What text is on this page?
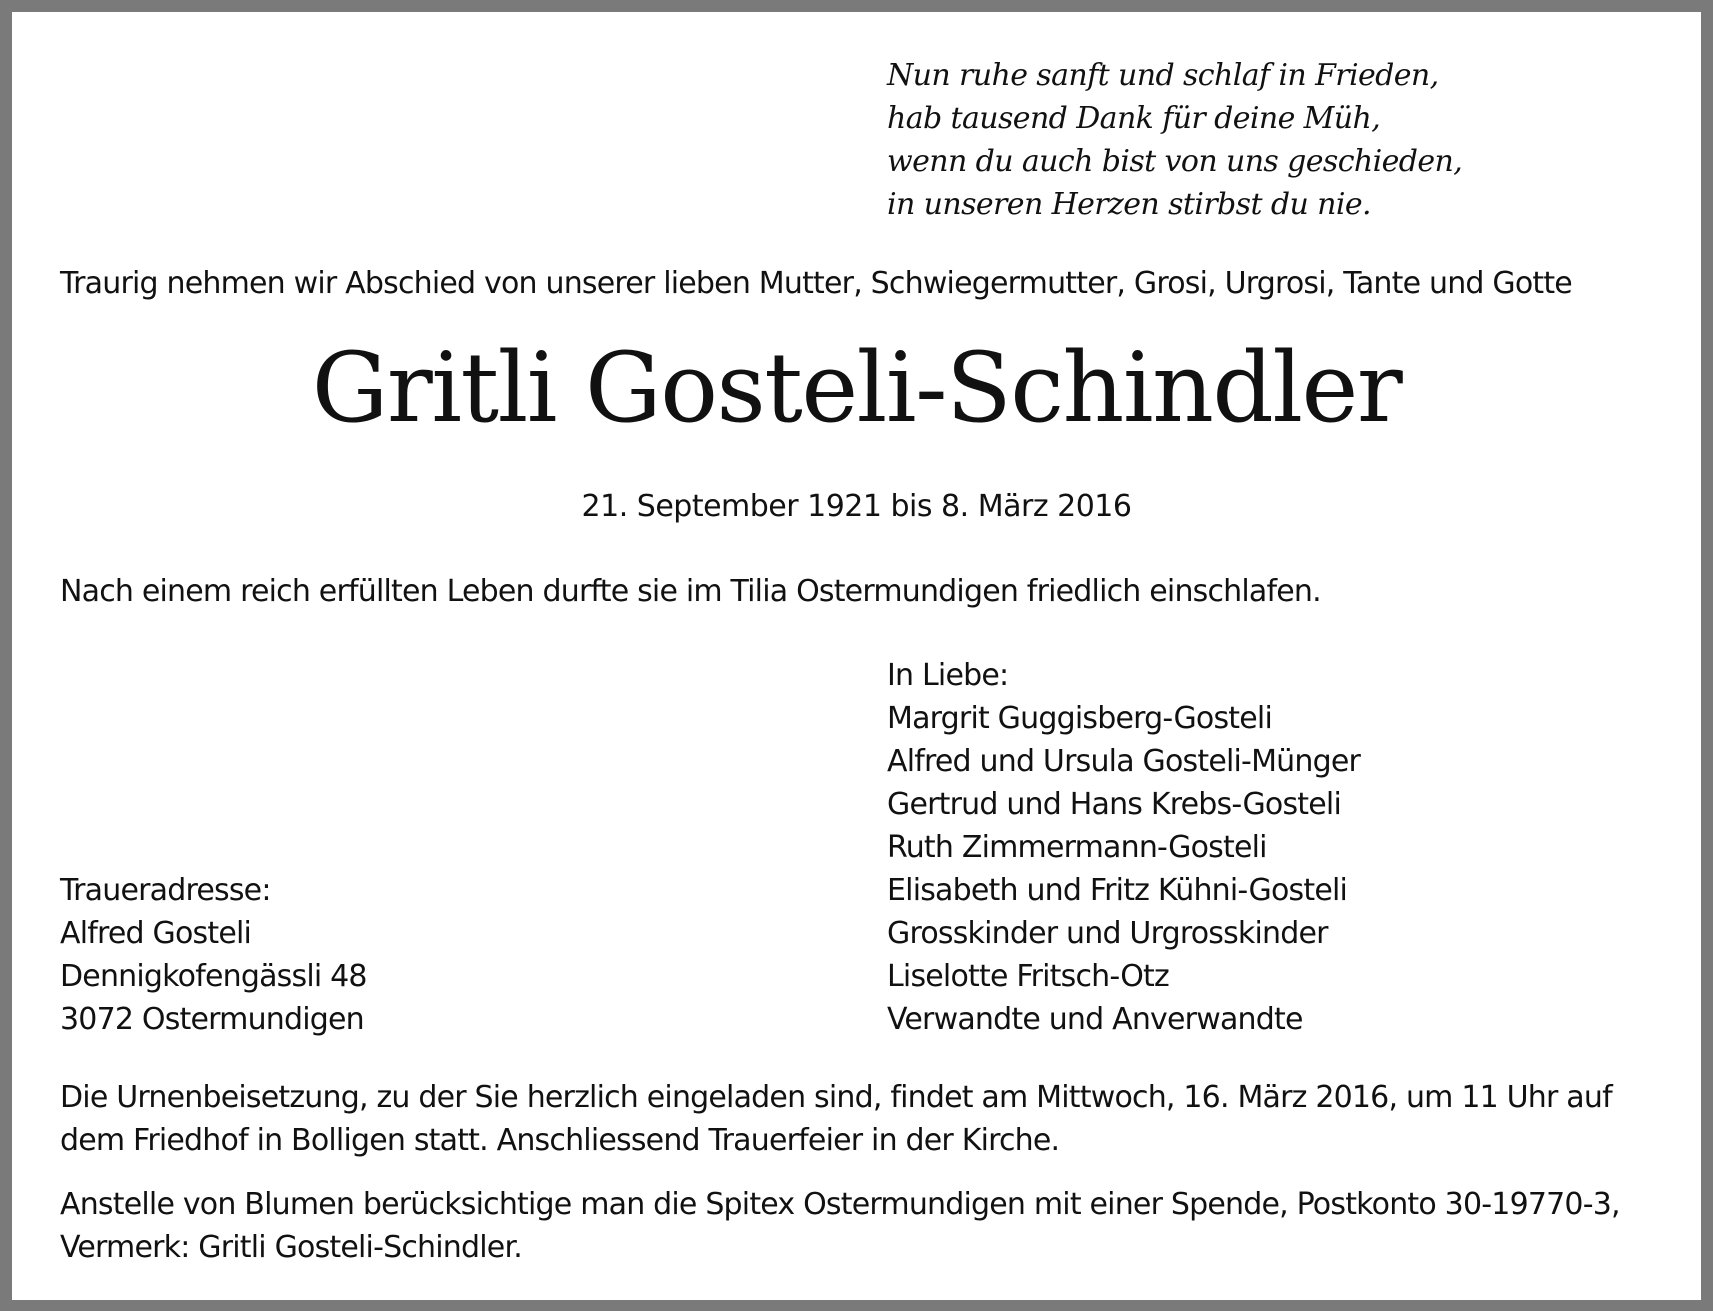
Nun ruhe sanft und schlaf in Frieden,
hab tausend Dank für deine Müh,
wenn du auch bist von uns geschieden,
in unseren Herzen stirbst du nie.
Traurig nehmen wir Abschied von unserer lieben Mutter, Schwiegermutter, Grosi, Urgrosi, Tante und Gotte
Gritli Gosteli-Schindler
21. September 1921 bis 8. März 2016
Nach einem reich erfüllten Leben durfte sie im Tilia Ostermundigen friedlich einschlafen.
In Liebe:
Margrit Guggisberg-Gosteli
Alfred und Ursula Gosteli-Münger
Gertrud und Hans Krebs-Gosteli
Ruth Zimmermann-Gosteli
Elisabeth und Fritz Kühni-Gosteli
Grosskinder und Urgrosskinder
Liselotte Fritsch-Otz
Verwandte und Anverwandte
Traueradresse:
Alfred Gosteli
Dennigkofengässli 48
3072 Ostermundigen
Die Urnenbeisetzung, zu der Sie herzlich eingeladen sind, findet am Mittwoch, 16. März 2016, um 11 Uhr auf
dem Friedhof in Bolligen statt. Anschliessend Trauerfeier in der Kirche.
Anstelle von Blumen berücksichtige man die Spitex Ostermundigen mit einer Spende, Postkonto 30-19770-3,
Vermerk: Gritli Gosteli-Schindler.
